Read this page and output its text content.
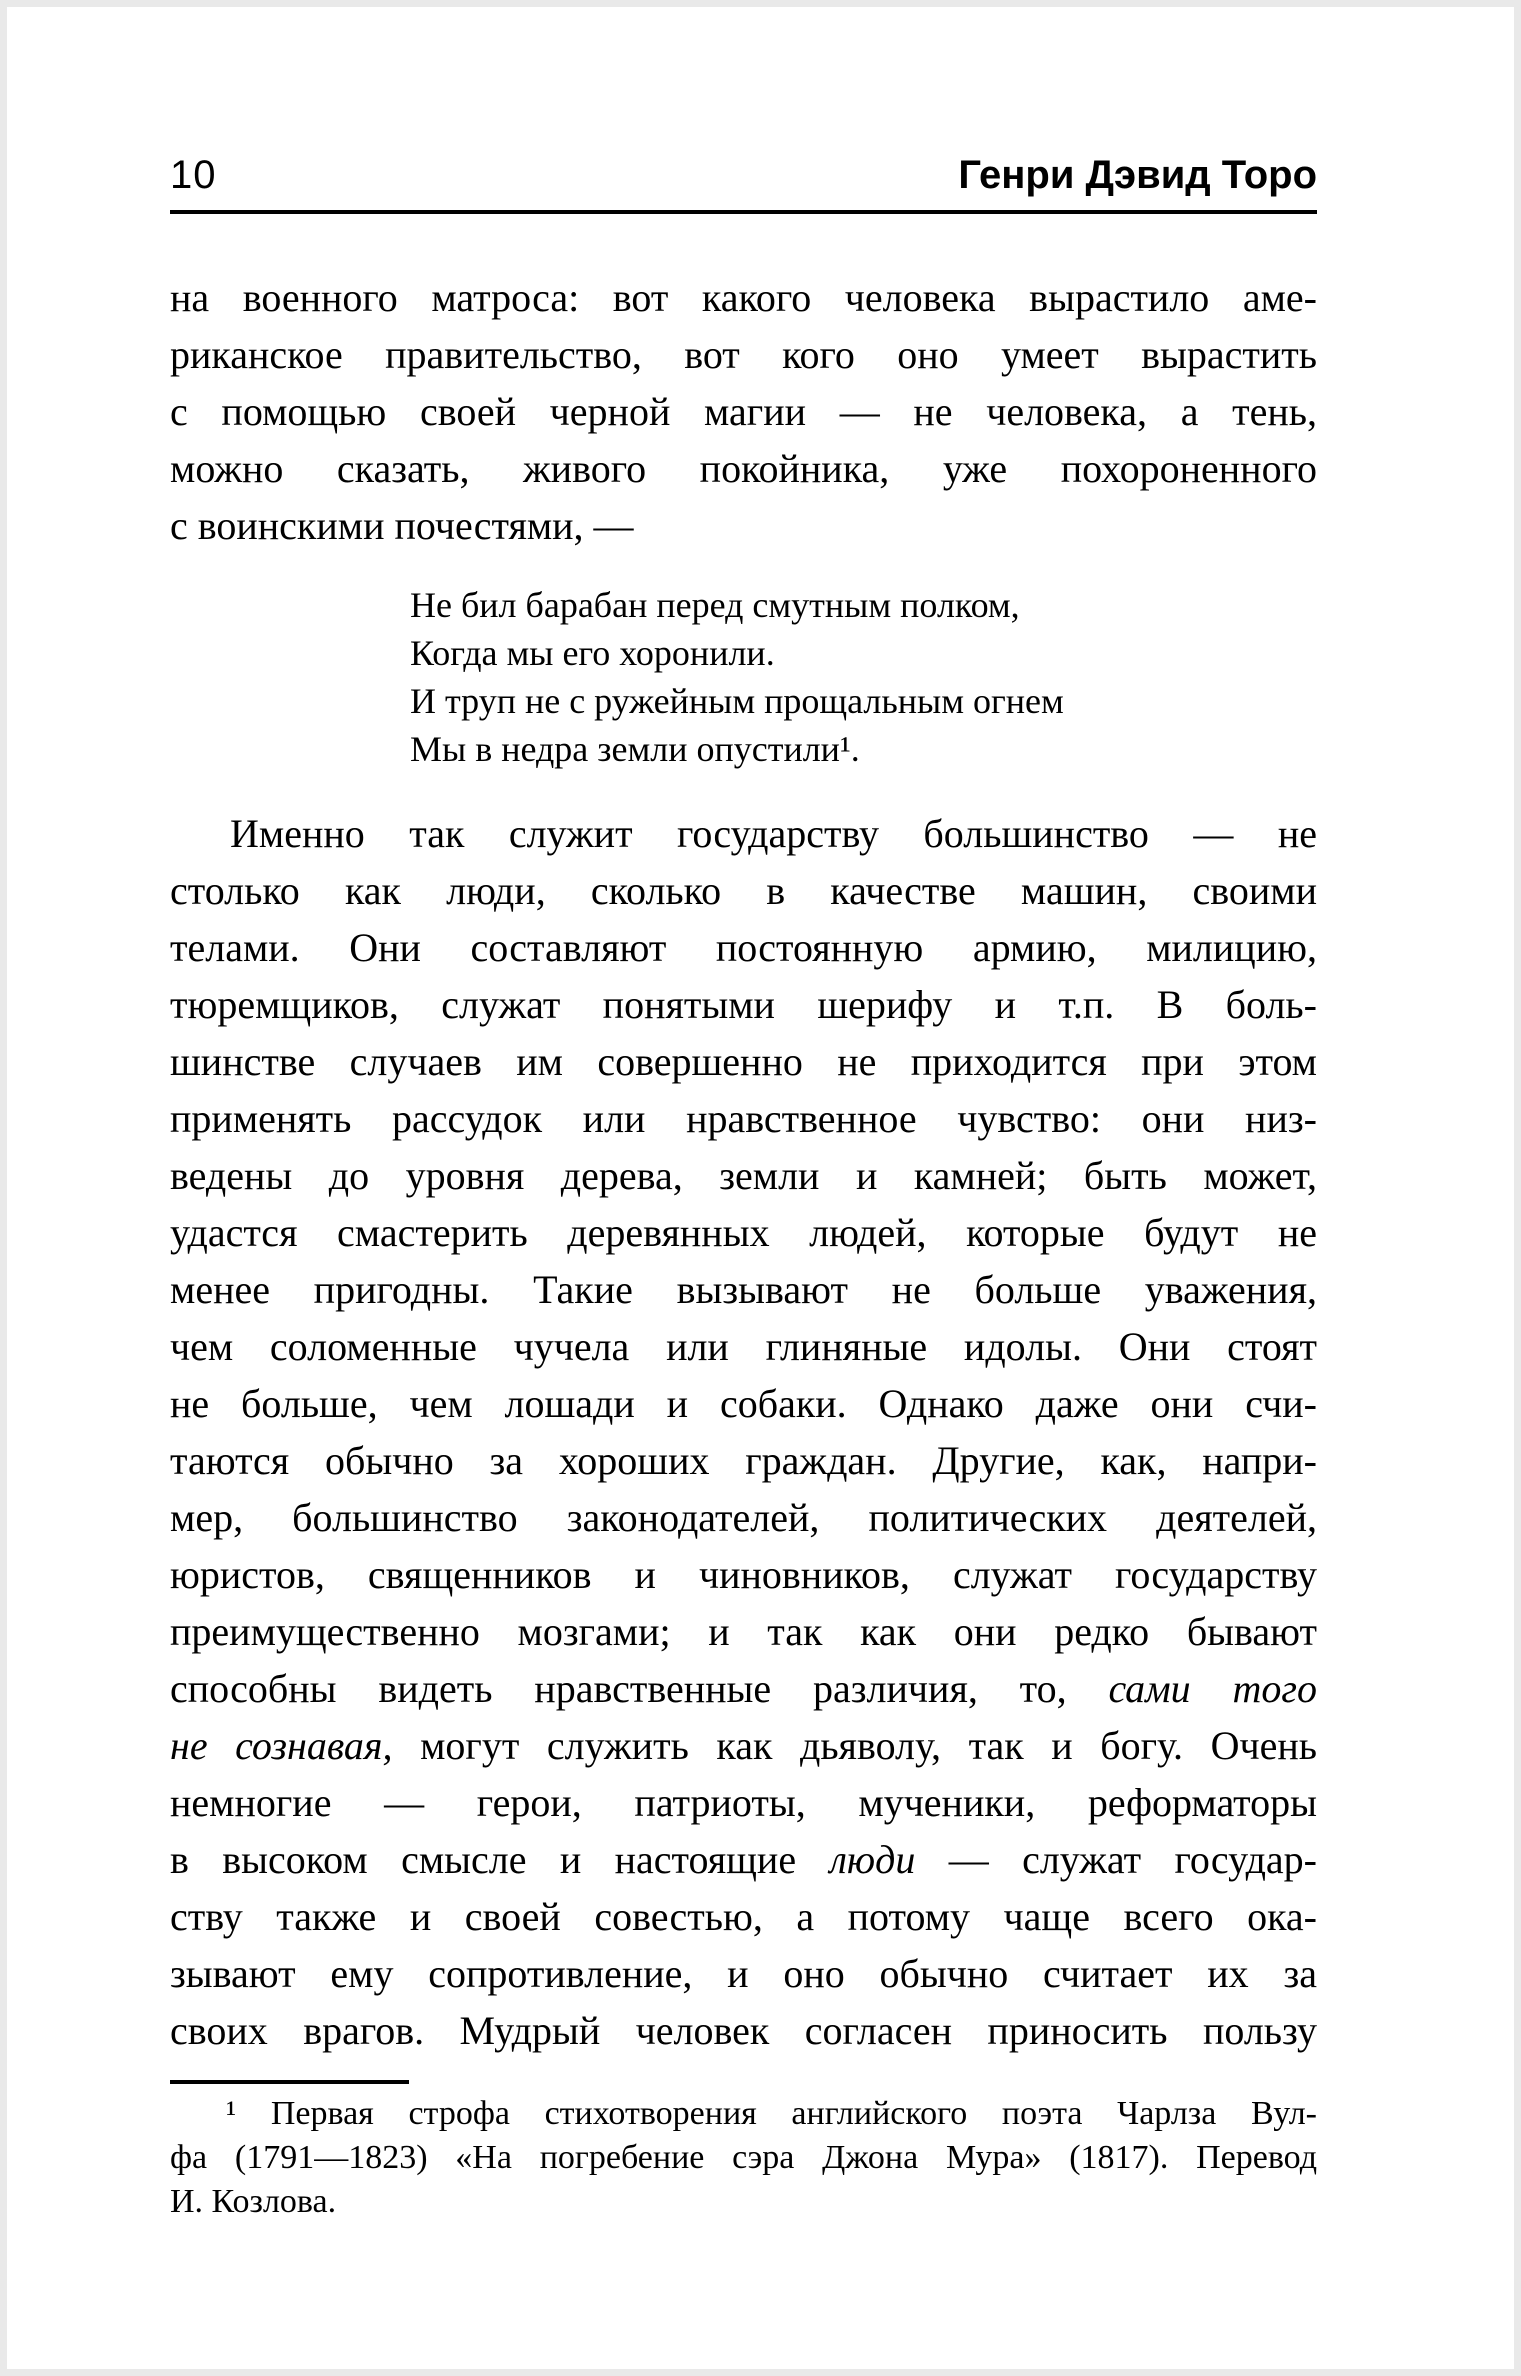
10	Генри Дэвид Торо
на военного матроса: вот какого человека вырастило аме-
риканское правительство, вот кого оно умеет вырастить
с помощью своей черной магии — не человека, а тень,
можно сказать, живого покойника, уже похороненного
с воинскими почестями, —
Не бил барабан перед смутным полком,
Когда мы его хоронили.
И труп не с ружейным прощальным огнем
Мы в недра земли опустили¹.
Именно так служит государству большинство — не
столько как люди, сколько в качестве машин, своими
телами. Они составляют постоянную армию, милицию,
тюремщиков, служат понятыми шерифу и т.п. В боль-
шинстве случаев им совершенно не приходится при этом
применять рассудок или нравственное чувство: они низ-
ведены до уровня дерева, земли и камней; быть может,
удастся смастерить деревянных людей, которые будут не
менее пригодны. Такие вызывают не больше уважения,
чем соломенные чучела или глиняные идолы. Они стоят
не больше, чем лошади и собаки. Однако даже они счи-
таются обычно за хороших граждан. Другие, как, напри-
мер, большинство законодателей, политических деятелей,
юристов, священников и чиновников, служат государству
преимущественно мозгами; и так как они редко бывают
способны видеть нравственные различия, то, сами того
не сознавая, могут служить как дьяволу, так и богу. Очень
немногие — герои, патриоты, мученики, реформаторы
в высоком смысле и настоящие люди — служат государ-
ству также и своей совестью, а потому чаще всего ока-
зывают ему сопротивление, и оно обычно считает их за
своих врагов. Мудрый человек согласен приносить пользу
¹ Первая строфа стихотворения английского поэта Чарлза Вул-
фа (1791—1823) «На погребение сэра Джона Мура» (1817). Перевод
И. Козлова.
